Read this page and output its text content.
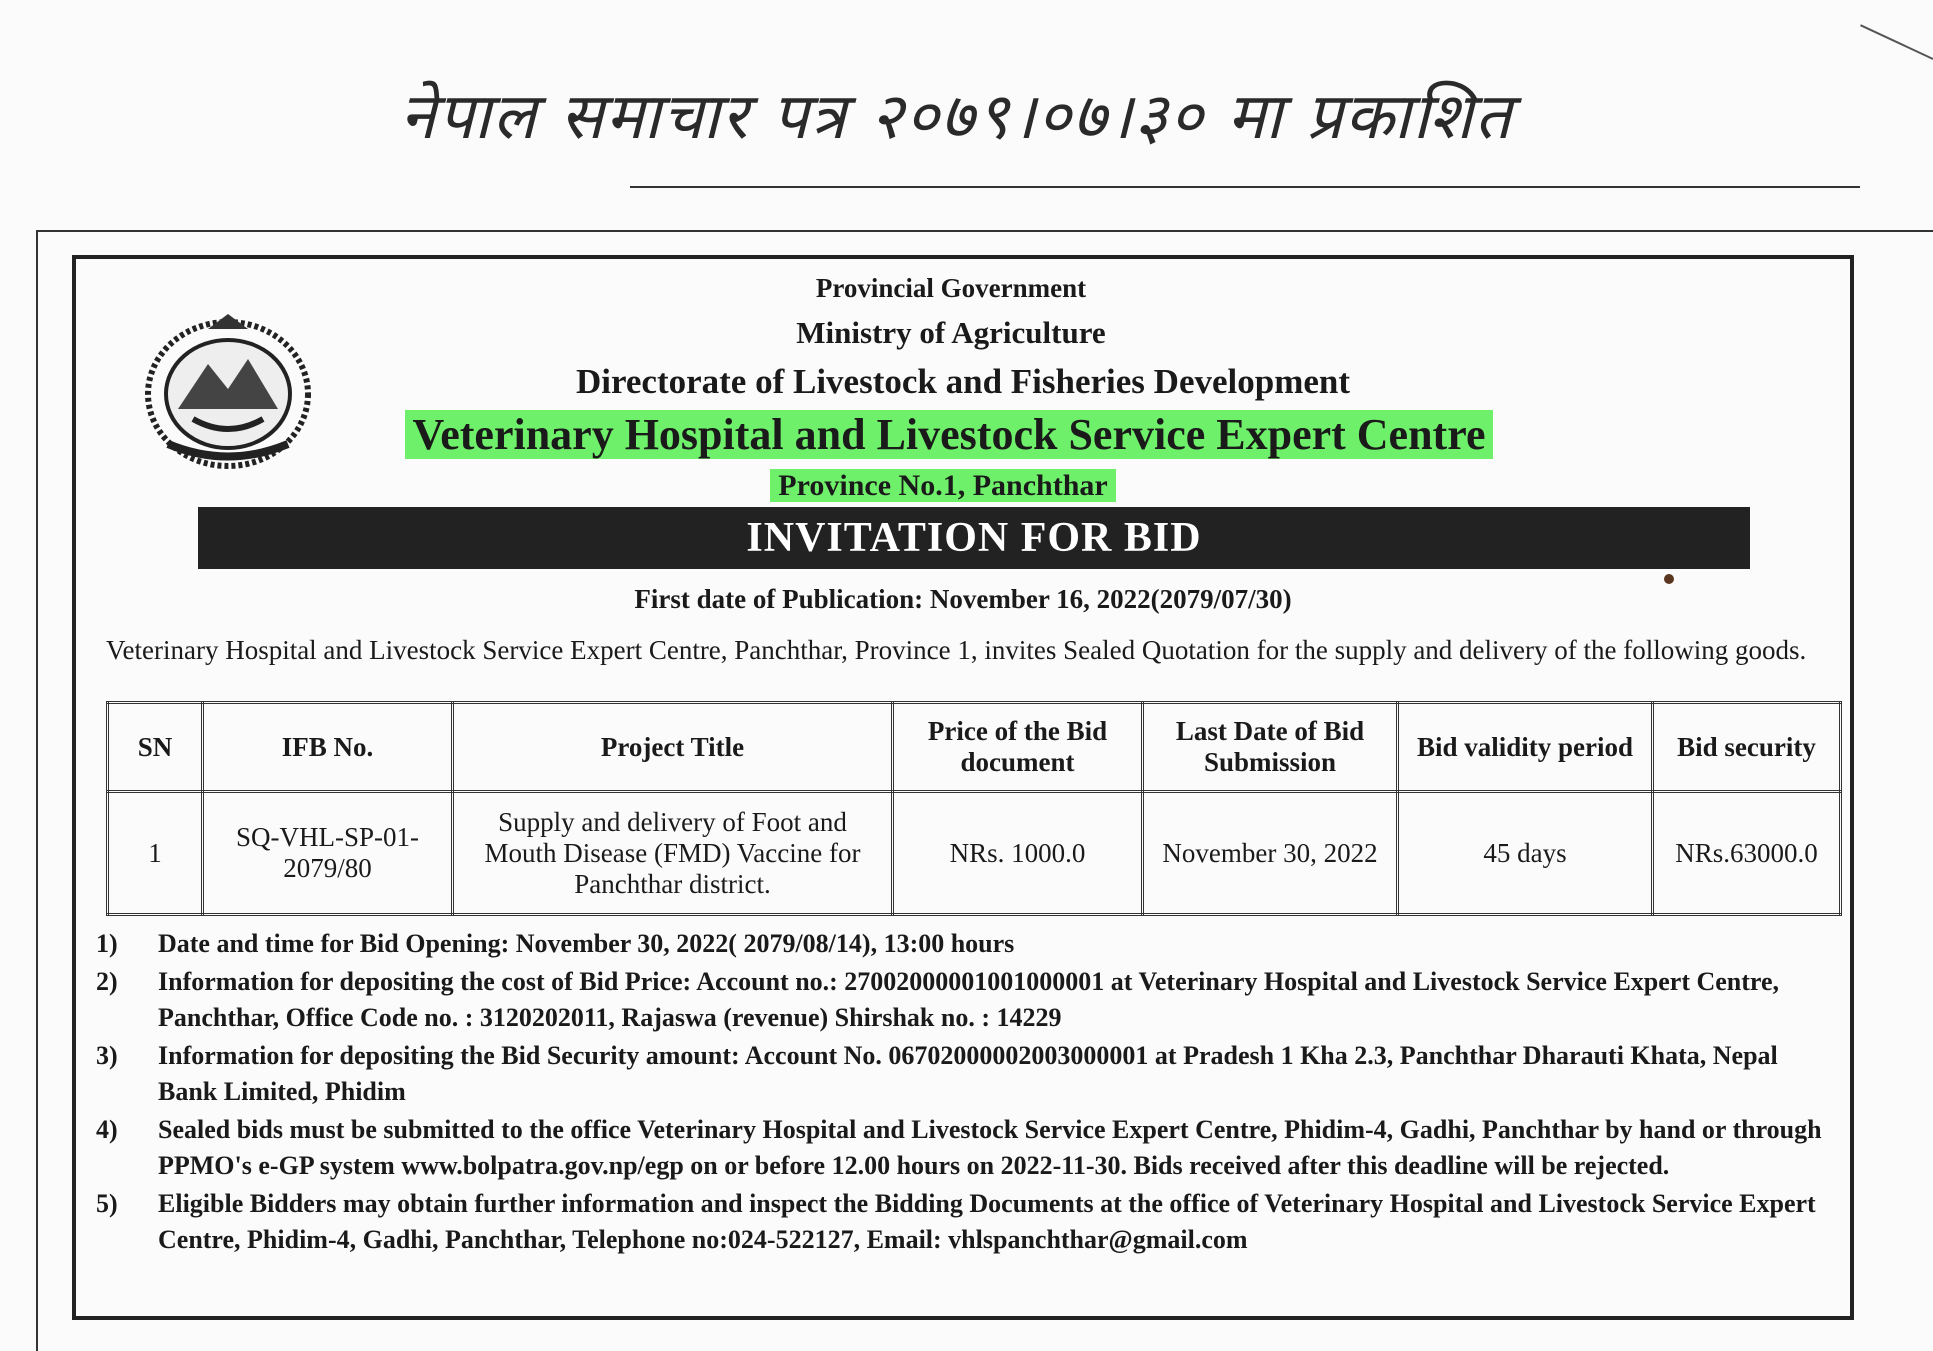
नेपाल समाचार पत्र २०७९।०७।३० मा प्रकाशित
Provincial Government
Ministry of Agriculture
Directorate of Livestock and Fisheries Development
Veterinary Hospital and Livestock Service Expert Centre
Province No.1, Panchthar
INVITATION FOR BID
First date of Publication: November 16, 2022(2079/07/30)
Veterinary Hospital and Livestock Service Expert Centre, Panchthar, Province 1, invites Sealed Quotation for the supply and delivery of the following goods.
SN	IFB No.	Project Title	Price of the Bid document	Last Date of Bid Submission	Bid validity period	Bid security
1	SQ-VHL-SP-01-2079/80	Supply and delivery of Foot and Mouth Disease (FMD) Vaccine for Panchthar district.	NRs. 1000.0	November 30, 2022	45 days	NRs.63000.0
1)	Date and time for Bid Opening: November 30, 2022( 2079/08/14), 13:00 hours
2)	Information for depositing the cost of Bid Price: Account no.: 27002000001001000001 at Veterinary Hospital and Livestock Service Expert Centre, Panchthar, Office Code no. : 3120202011, Rajaswa (revenue) Shirshak no. : 14229
3)	Information for depositing the Bid Security amount: Account No. 06702000002003000001 at Pradesh 1 Kha 2.3, Panchthar Dharauti Khata, Nepal Bank Limited, Phidim
4)	Sealed bids must be submitted to the office Veterinary Hospital and Livestock Service Expert Centre, Phidim-4, Gadhi, Panchthar by hand or through PPMO's e-GP system www.bolpatra.gov.np/egp on or before 12.00 hours on 2022-11-30. Bids received after this deadline will be rejected.
5)	Eligible Bidders may obtain further information and inspect the Bidding Documents at the office of Veterinary Hospital and Livestock Service Expert Centre, Phidim-4, Gadhi, Panchthar, Telephone no:024-522127, Email: vhlspanchthar@gmail.com
